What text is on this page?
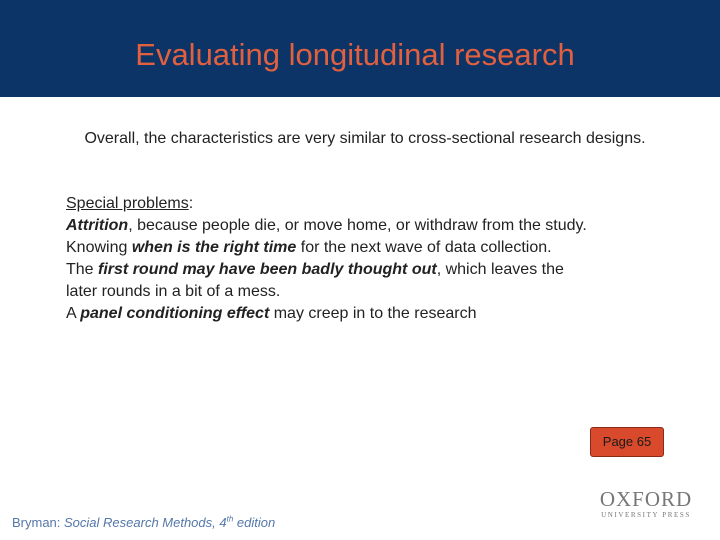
Evaluating longitudinal research
Overall, the characteristics are very similar to cross-sectional research designs.
Special problems:
Attrition, because people die, or move home, or withdraw from the study.
Knowing when is the right time for the next wave of data collection.
The first round may have been badly thought out, which leaves the
later rounds in a bit of a mess.
A panel conditioning effect may creep in to the research
Page 65
Bryman: Social Research Methods, 4th edition
OXFORD
UNIVERSITY PRESS
